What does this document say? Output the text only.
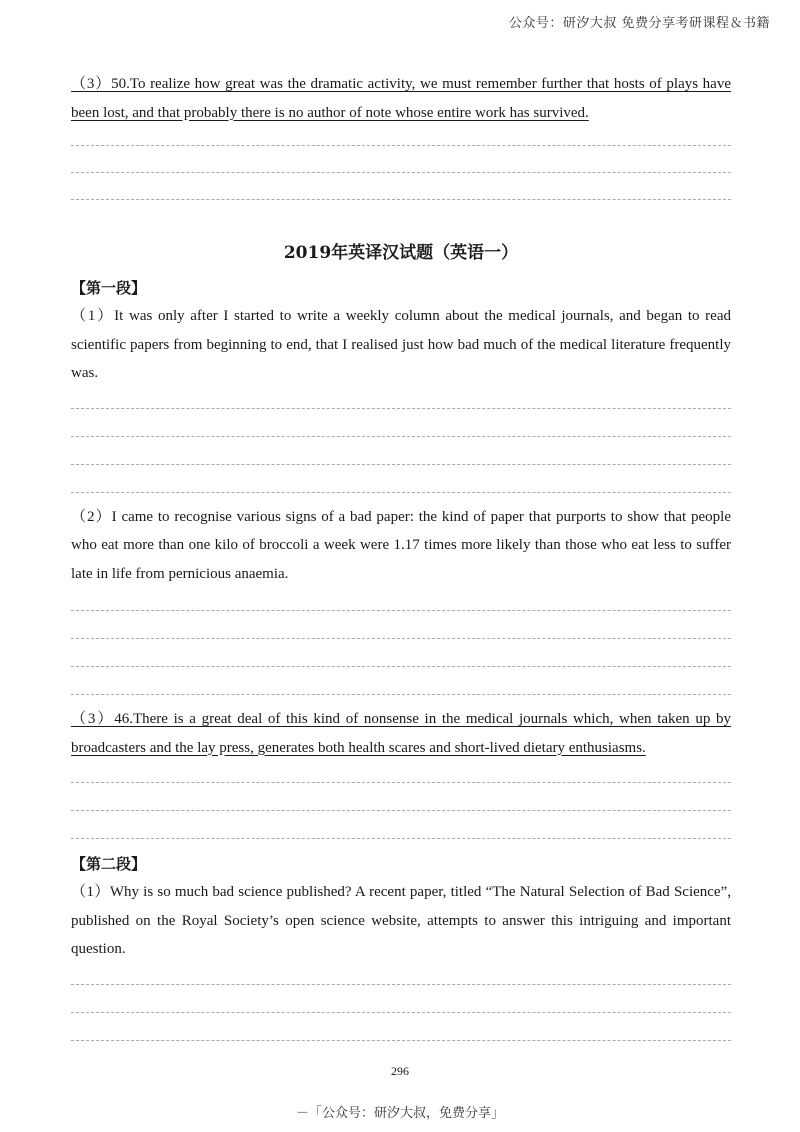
公众号：研汐大叔 免费分享考研课程＆书籍

（3）50.To realize how great was the dramatic activity, we must remember further that hosts of plays have been lost, and that probably there is no author of note whose entire work has survived.

2019年英译汉试题（英语一）

【第一段】

（1）It was only after I started to write a weekly column about the medical journals, and began to read scientific papers from beginning to end, that I realised just how bad much of the medical literature frequently was.

（2）I came to recognise various signs of a bad paper: the kind of paper that purports to show that people who eat more than one kilo of broccoli a week were 1.17 times more likely than those who eat less to suffer late in life from pernicious anaemia.

（3）46.There is a great deal of this kind of nonsense in the medical journals which, when taken up by broadcasters and the lay press, generates both health scares and short-lived dietary enthusiasms.

【第二段】

（1）Why is so much bad science published? A recent paper, titled “The Natural Selection of Bad Science”, published on the Royal Society’s open science website, attempts to answer this intriguing and important question.

296
－「公众号：研汐大叔，免费分享」
